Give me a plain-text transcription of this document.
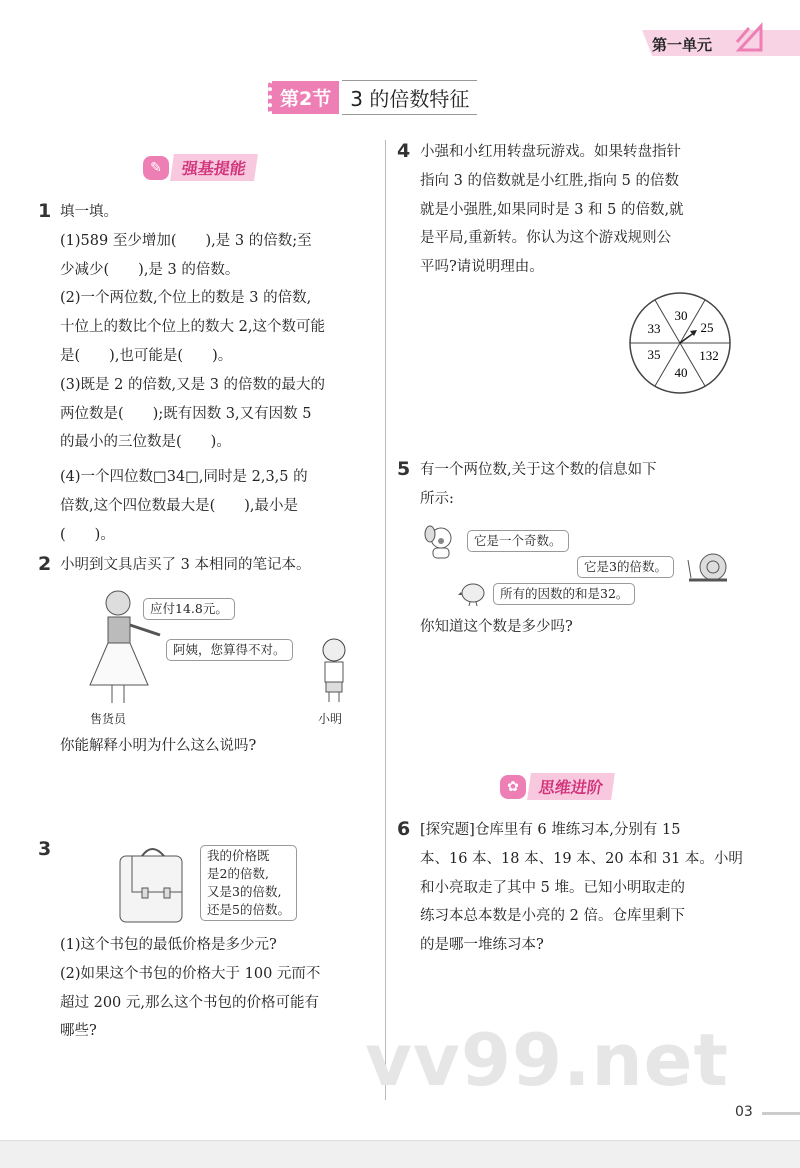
第一单元
第2节 3 的倍数特征
✎	强基提能
1 填一填。
(1)589 至少增加(　　),是 3 的倍数;至
少减少(　　),是 3 的倍数。
(2)一个两位数,个位上的数是 3 的倍数,
十位上的数比个位上的数大 2,这个数可能
是(　　),也可能是(　　)。
(3)既是 2 的倍数,又是 3 的倍数的最大的
两位数是(　　);既有因数 3,又有因数 5
的最小的三位数是(　　)。
(4)一个四位数□34□,同时是 2,3,5 的
倍数,这个四位数最大是(　　),最小是
(　　)。
2 小明到文具店买了 3 本相同的笔记本。
应付14.8元。
阿姨，您算得不对。
售货员	小明
你能解释小明为什么这么说吗?
3	我的价格既
是2的倍数,
又是3的倍数,
还是5的倍数。
(1)这个书包的最低价格是多少元?
(2)如果这个书包的价格大于 100 元而不
超过 200 元,那么这个书包的价格可能有
哪些?
4 小强和小红用转盘玩游戏。如果转盘指针
指向 3 的倍数就是小红胜,指向 5 的倍数
就是小强胜,如果同时是 3 和 5 的倍数,就
是平局,重新转。你认为这个游戏规则公
平吗?请说明理由。
30
25
132
40
35
33
5 有一个两位数,关于这个数的信息如下
所示:
它是一个奇数。
它是3的倍数。
所有的因数的和是32。
你知道这个数是多少吗?
✿	思维进阶
6 [探究题]仓库里有 6 堆练习本,分别有 15
本、16 本、18 本、19 本、20 本和 31 本。小明
和小亮取走了其中 5 堆。已知小明取走的
练习本总本数是小亮的 2 倍。仓库里剩下
的是哪一堆练习本?
vv99.net
03
